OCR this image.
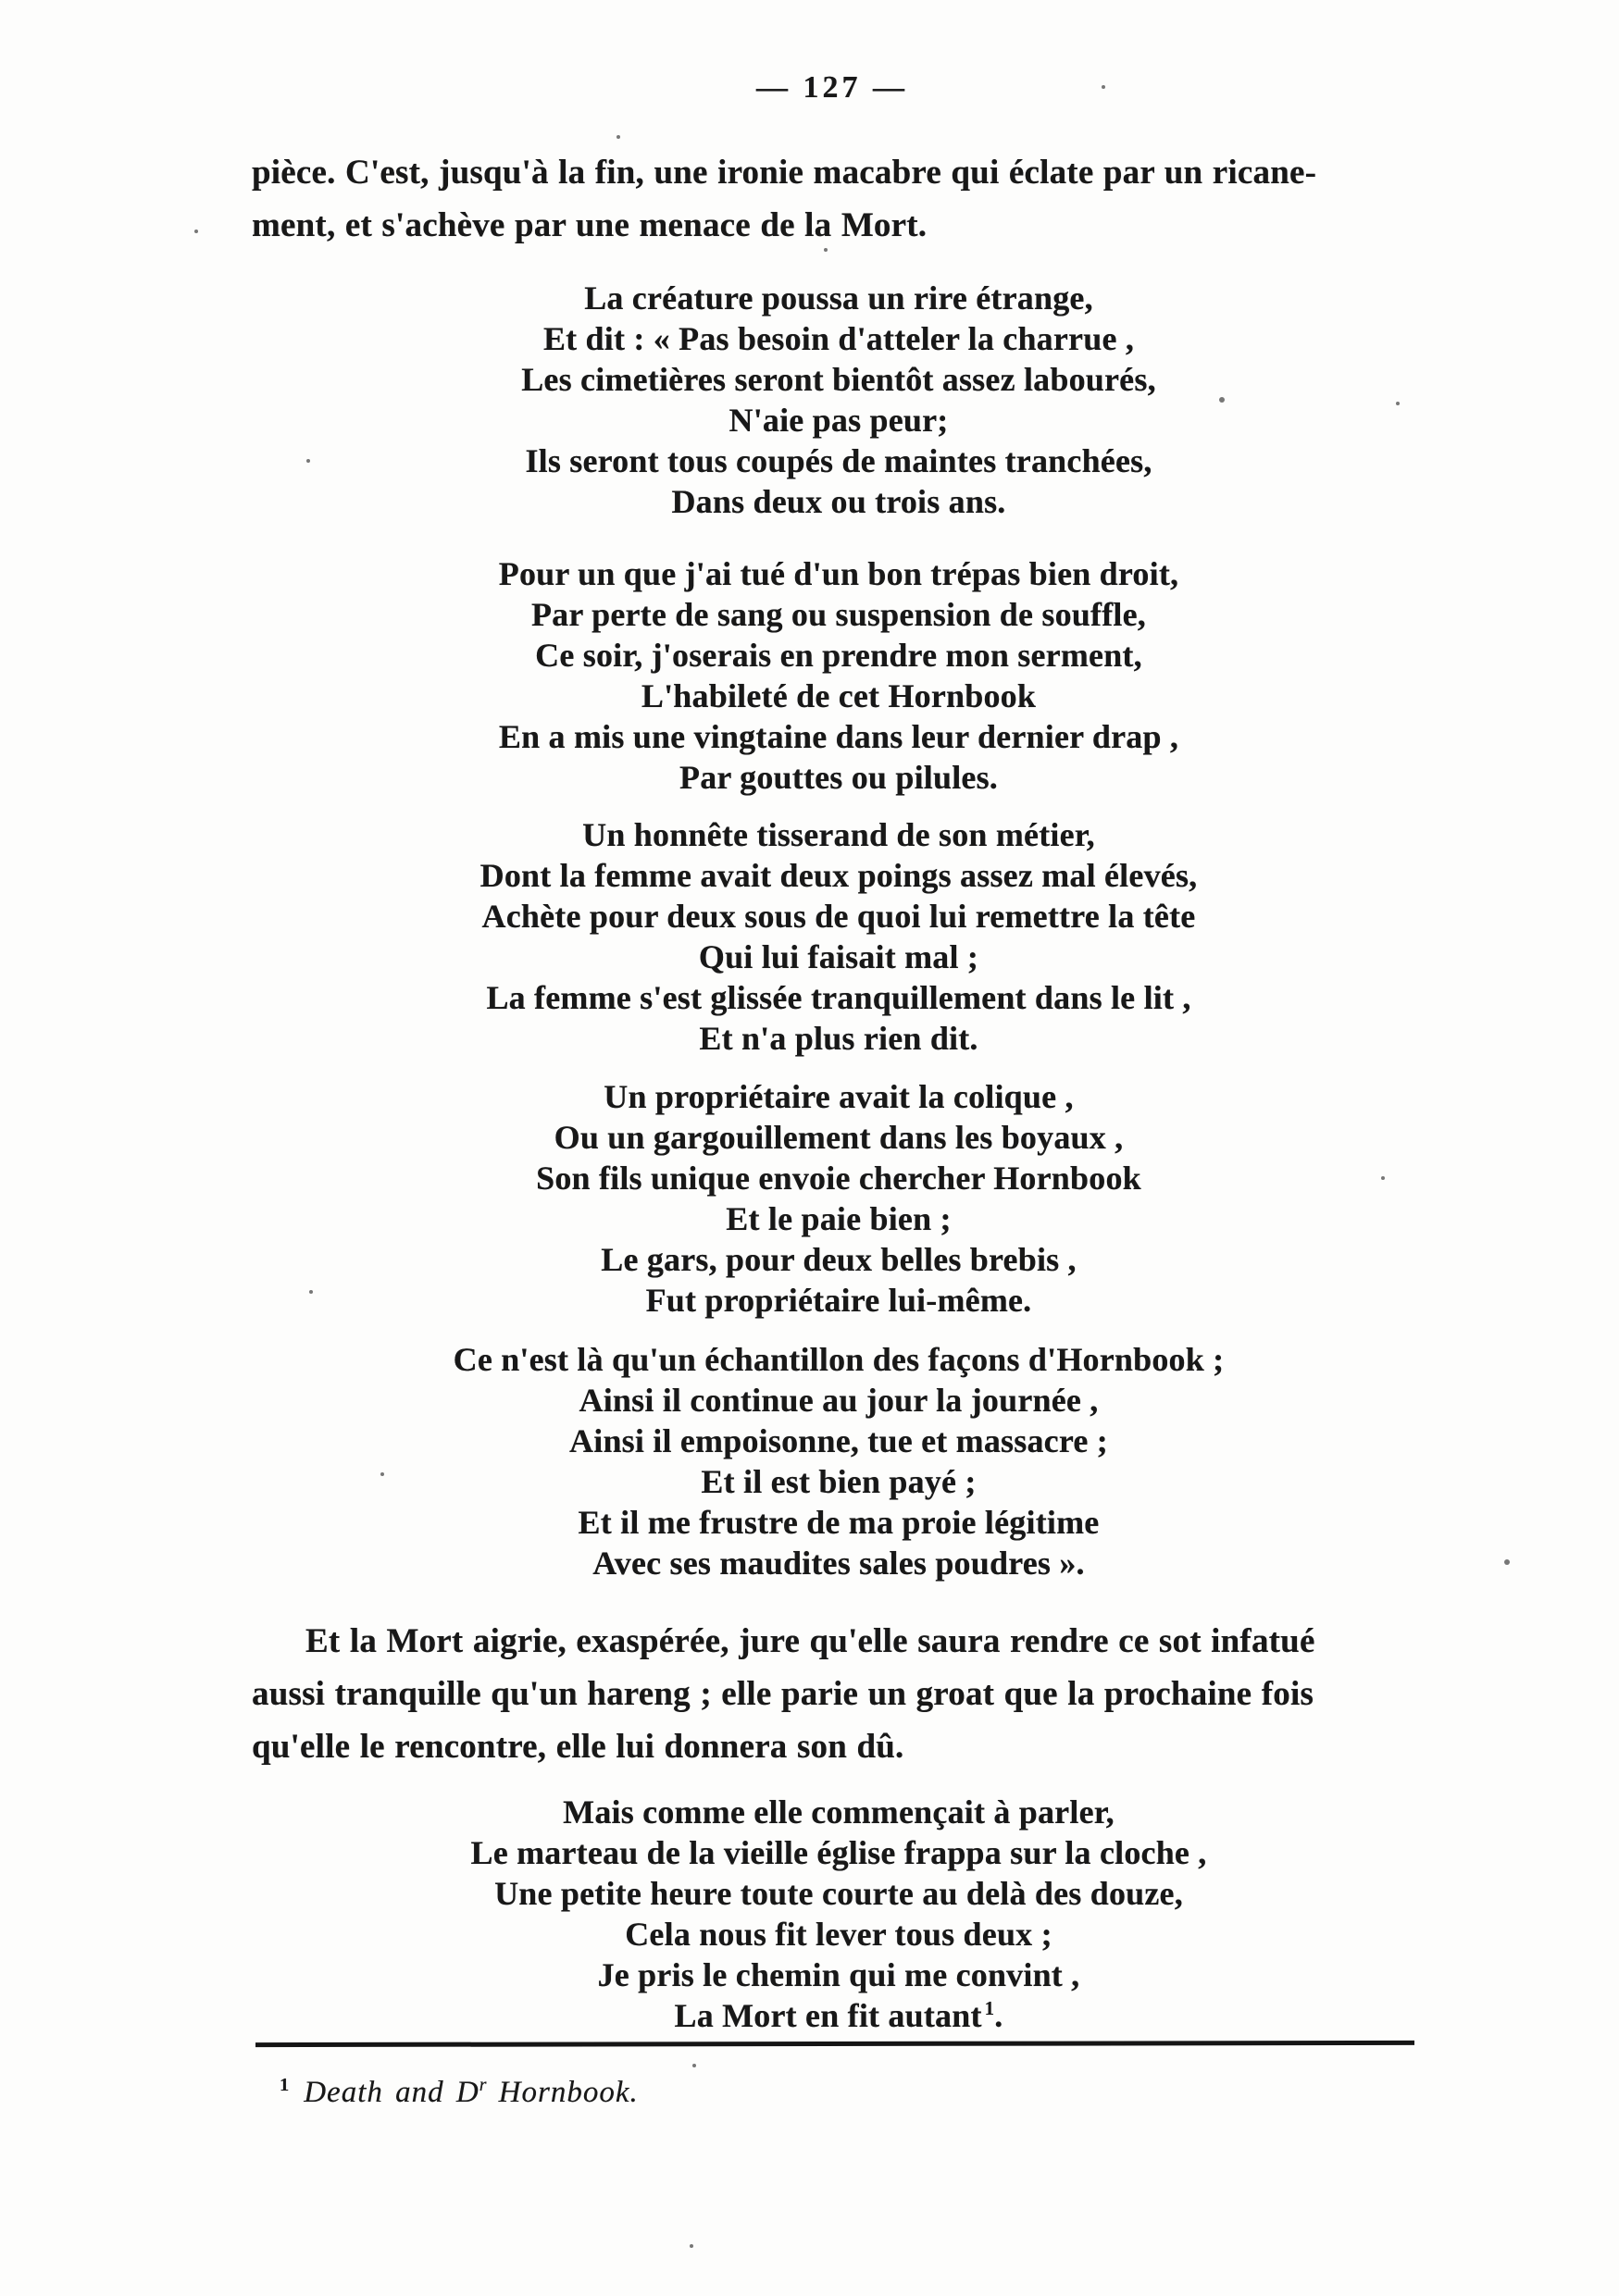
— 127 —
pièce. C'est, jusqu'à la fin, une ironie macabre qui éclate par un ricane-
ment, et s'achève par une menace de la Mort.
La créature poussa un rire étrange,
Et dit : « Pas besoin d'atteler la charrue ,
Les cimetières seront bientôt assez labourés,
N'aie pas peur;
Ils seront tous coupés de maintes tranchées,
Dans deux ou trois ans.
Pour un que j'ai tué d'un bon trépas bien droit,
Par perte de sang ou suspension de souffle,
Ce soir, j'oserais en prendre mon serment,
L'habileté de cet Hornbook
En a mis une vingtaine dans leur dernier drap ,
Par gouttes ou pilules.
Un honnête tisserand de son métier,
Dont la femme avait deux poings assez mal élevés,
Achète pour deux sous de quoi lui remettre la tête
Qui lui faisait mal ;
La femme s'est glissée tranquillement dans le lit ,
Et n'a plus rien dit.
Un propriétaire avait la colique ,
Ou un gargouillement dans les boyaux ,
Son fils unique envoie chercher Hornbook
Et le paie bien ;
Le gars, pour deux belles brebis ,
Fut propriétaire lui-même.
Ce n'est là qu'un échantillon des façons d'Hornbook ;
Ainsi il continue au jour la journée ,
Ainsi il empoisonne, tue et massacre ;
Et il est bien payé ;
Et il me frustre de ma proie légitime
Avec ses maudites sales poudres ».
Et la Mort aigrie, exaspérée, jure qu'elle saura rendre ce sot infatué
aussi tranquille qu'un hareng ; elle parie un groat que la prochaine fois
qu'elle le rencontre, elle lui donnera son dû.
Mais comme elle commençait à parler,
Le marteau de la vieille église frappa sur la cloche ,
Une petite heure toute courte au delà des douze,
Cela nous fit lever tous deux ;
Je pris le chemin qui me convint ,
La Mort en fit autant $^1$.
$^1$ Death and D$^r$ Hornbook.
